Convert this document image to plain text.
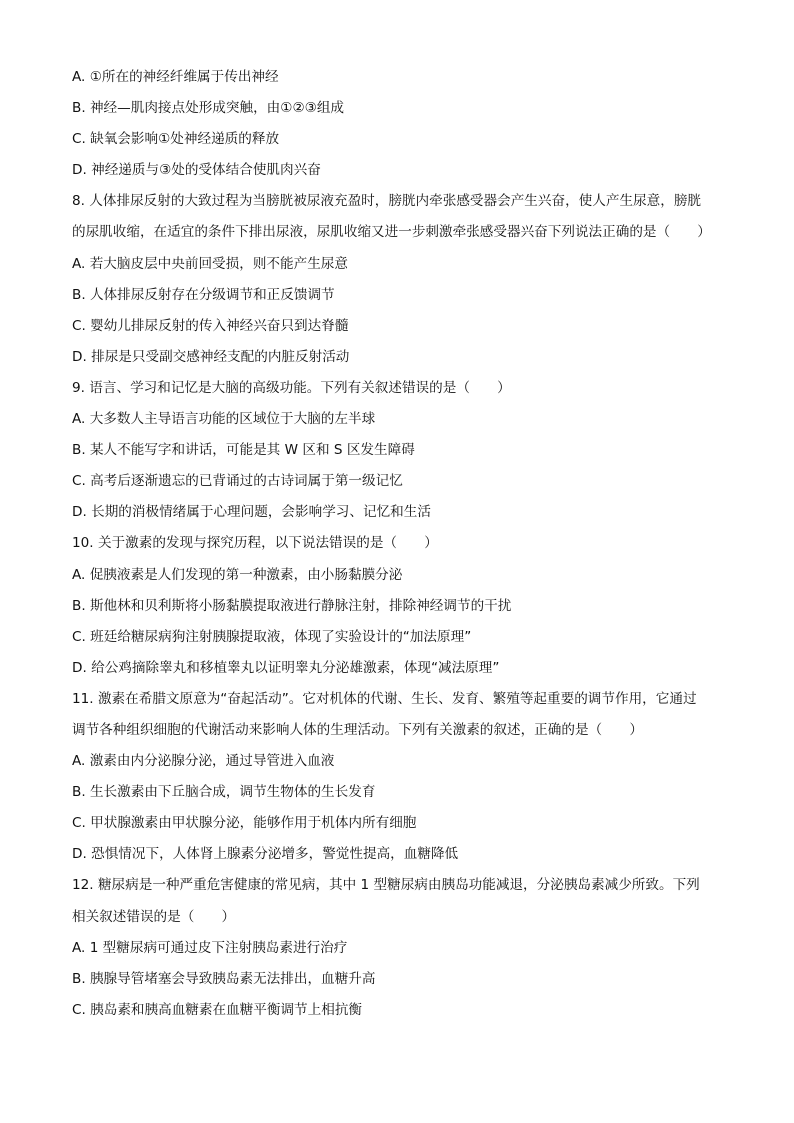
A. ①所在的神经纤维属于传出神经

B. 神经—肌肉接点处形成突触，由①②③组成

C. 缺氧会影响①处神经递质的释放

D. 神经递质与③处的受体结合使肌肉兴奋

8. 人体排尿反射的大致过程为当膀胱被尿液充盈时，膀胱内牵张感受器会产生兴奋，使人产生尿意，膀胱

的尿肌收缩，在适宜的条件下排出尿液，尿肌收缩又进一步刺激牵张感受器兴奋下列说法正确的是（　　）

A. 若大脑皮层中央前回受损，则不能产生尿意

B. 人体排尿反射存在分级调节和正反馈调节

C. 婴幼儿排尿反射的传入神经兴奋只到达脊髓

D. 排尿是只受副交感神经支配的内脏反射活动

9. 语言、学习和记忆是大脑的高级功能。下列有关叙述错误的是（　　）

A. 大多数人主导语言功能的区域位于大脑的左半球

B. 某人不能写字和讲话，可能是其 W 区和 S 区发生障碍

C. 高考后逐渐遗忘的已背诵过的古诗词属于第一级记忆

D. 长期的消极情绪属于心理问题，会影响学习、记忆和生活

10. 关于激素的发现与探究历程，以下说法错误的是（　　）

A. 促胰液素是人们发现的第一种激素，由小肠黏膜分泌

B. 斯他林和贝利斯将小肠黏膜提取液进行静脉注射，排除神经调节的干扰

C. 班廷给糖尿病狗注射胰腺提取液，体现了实验设计的“加法原理”

D. 给公鸡摘除睾丸和移植睾丸以证明睾丸分泌雄激素，体现“减法原理”

11. 激素在希腊文原意为“奋起活动”。它对机体的代谢、生长、发育、繁殖等起重要的调节作用，它通过

调节各种组织细胞的代谢活动来影响人体的生理活动。下列有关激素的叙述，正确的是（　　）

A. 激素由内分泌腺分泌，通过导管进入血液

B. 生长激素由下丘脑合成，调节生物体的生长发育

C. 甲状腺激素由甲状腺分泌，能够作用于机体内所有细胞

D. 恐惧情况下，人体肾上腺素分泌增多，警觉性提高，血糖降低

12. 糖尿病是一种严重危害健康的常见病，其中 1 型糖尿病由胰岛功能减退，分泌胰岛素减少所致。下列

相关叙述错误的是（　　）

A. 1 型糖尿病可通过皮下注射胰岛素进行治疗

B. 胰腺导管堵塞会导致胰岛素无法排出，血糖升高

C. 胰岛素和胰高血糖素在血糖平衡调节上相抗衡
